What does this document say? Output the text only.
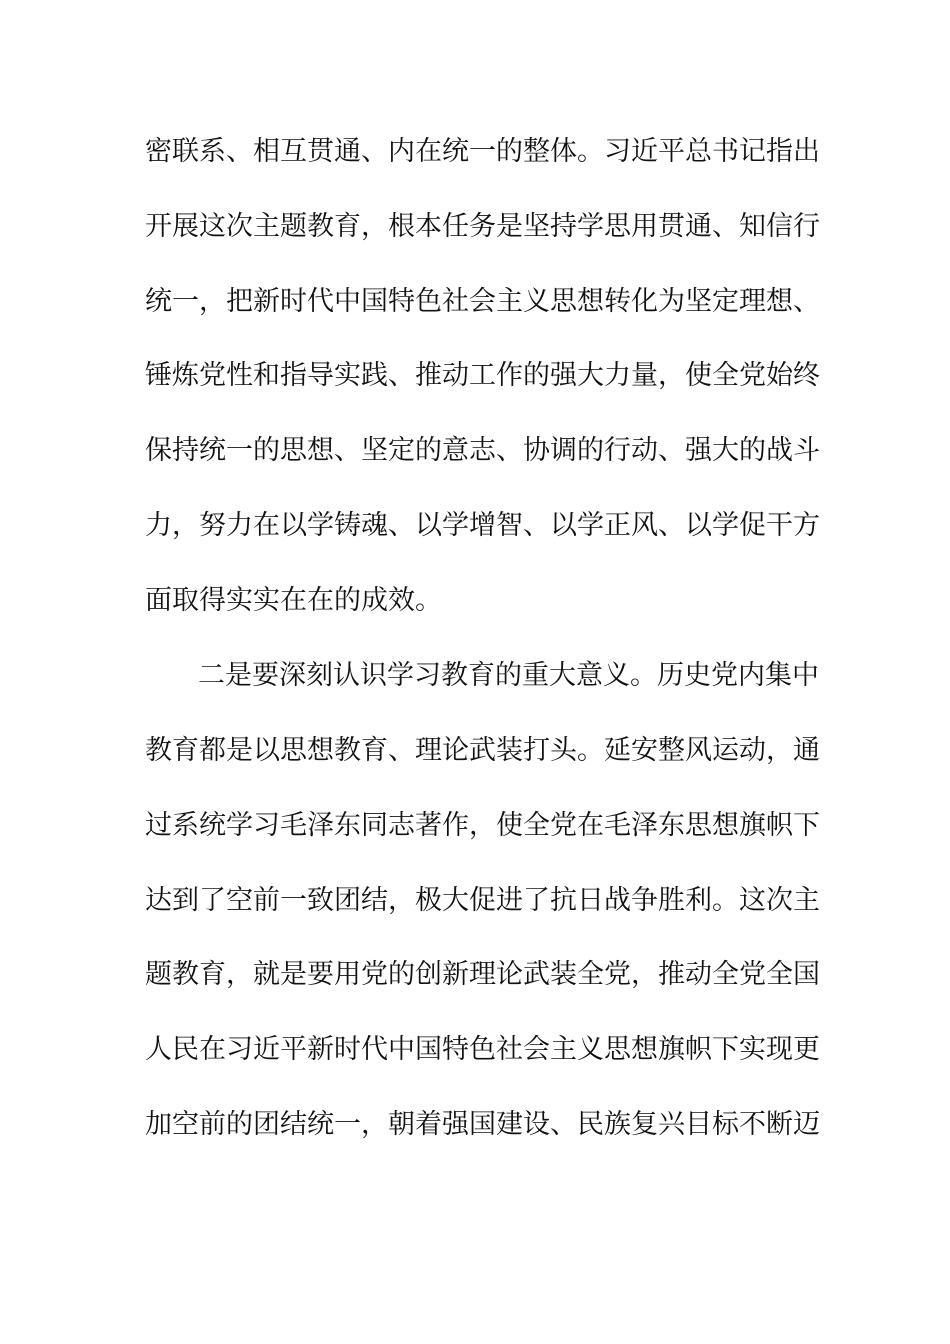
密联系、相互贯通、内在统一的整体。习近平总书记指出
开展这次主题教育，根本任务是坚持学思用贯通、知信行
统一，把新时代中国特色社会主义思想转化为坚定理想、
锤炼党性和指导实践、推动工作的强大力量，使全党始终
保持统一的思想、坚定的意志、协调的行动、强大的战斗
力，努力在以学铸魂、以学增智、以学正风、以学促干方
面取得实实在在的成效。
二是要深刻认识学习教育的重大意义。历史党内集中
教育都是以思想教育、理论武装打头。延安整风运动，通
过系统学习毛泽东同志著作，使全党在毛泽东思想旗帜下
达到了空前一致团结，极大促进了抗日战争胜利。这次主
题教育，就是要用党的创新理论武装全党，推动全党全国
人民在习近平新时代中国特色社会主义思想旗帜下实现更
加空前的团结统一，朝着强国建设、民族复兴目标不断迈
